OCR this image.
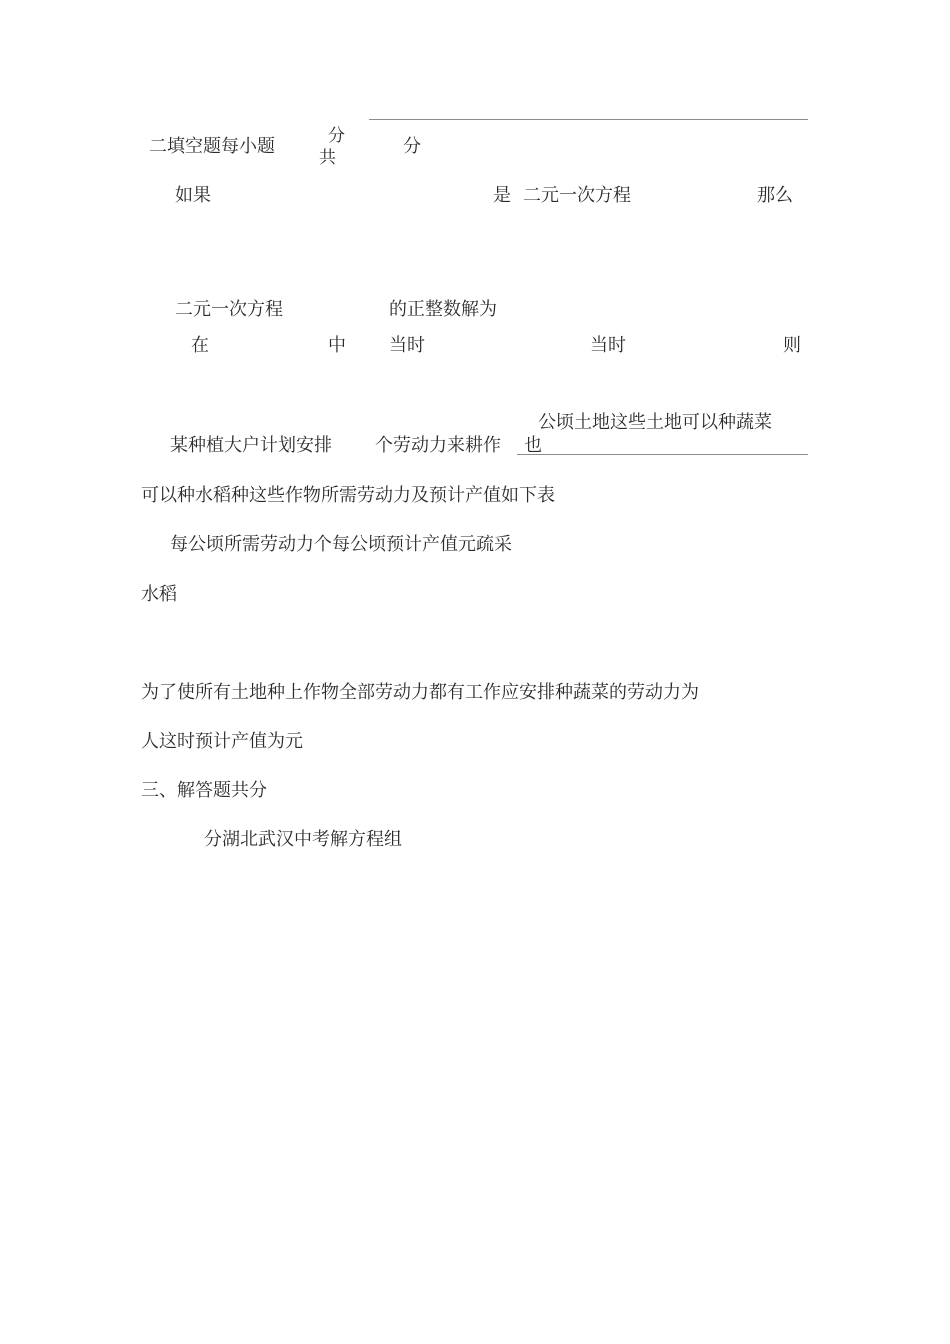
二填空题每小题	分
共
分
如果	是 二元一次方程	那么
二元一次方程	的正整数解为
在	中 当时	当时	则
公顷土地这些土地可以种蔬菜
某种植大户计划安排 个劳动力来耕作 也
可以种水稻种这些作物所需劳动力及预计产值如下表
每公顷所需劳动力个每公顷预计产值元疏采
水稻
为了使所有土地种上作物全部劳动力都有工作应安排种蔬菜的劳动力为
人这时预计产值为元
三、解答题共分
分湖北武汉中考解方程组
